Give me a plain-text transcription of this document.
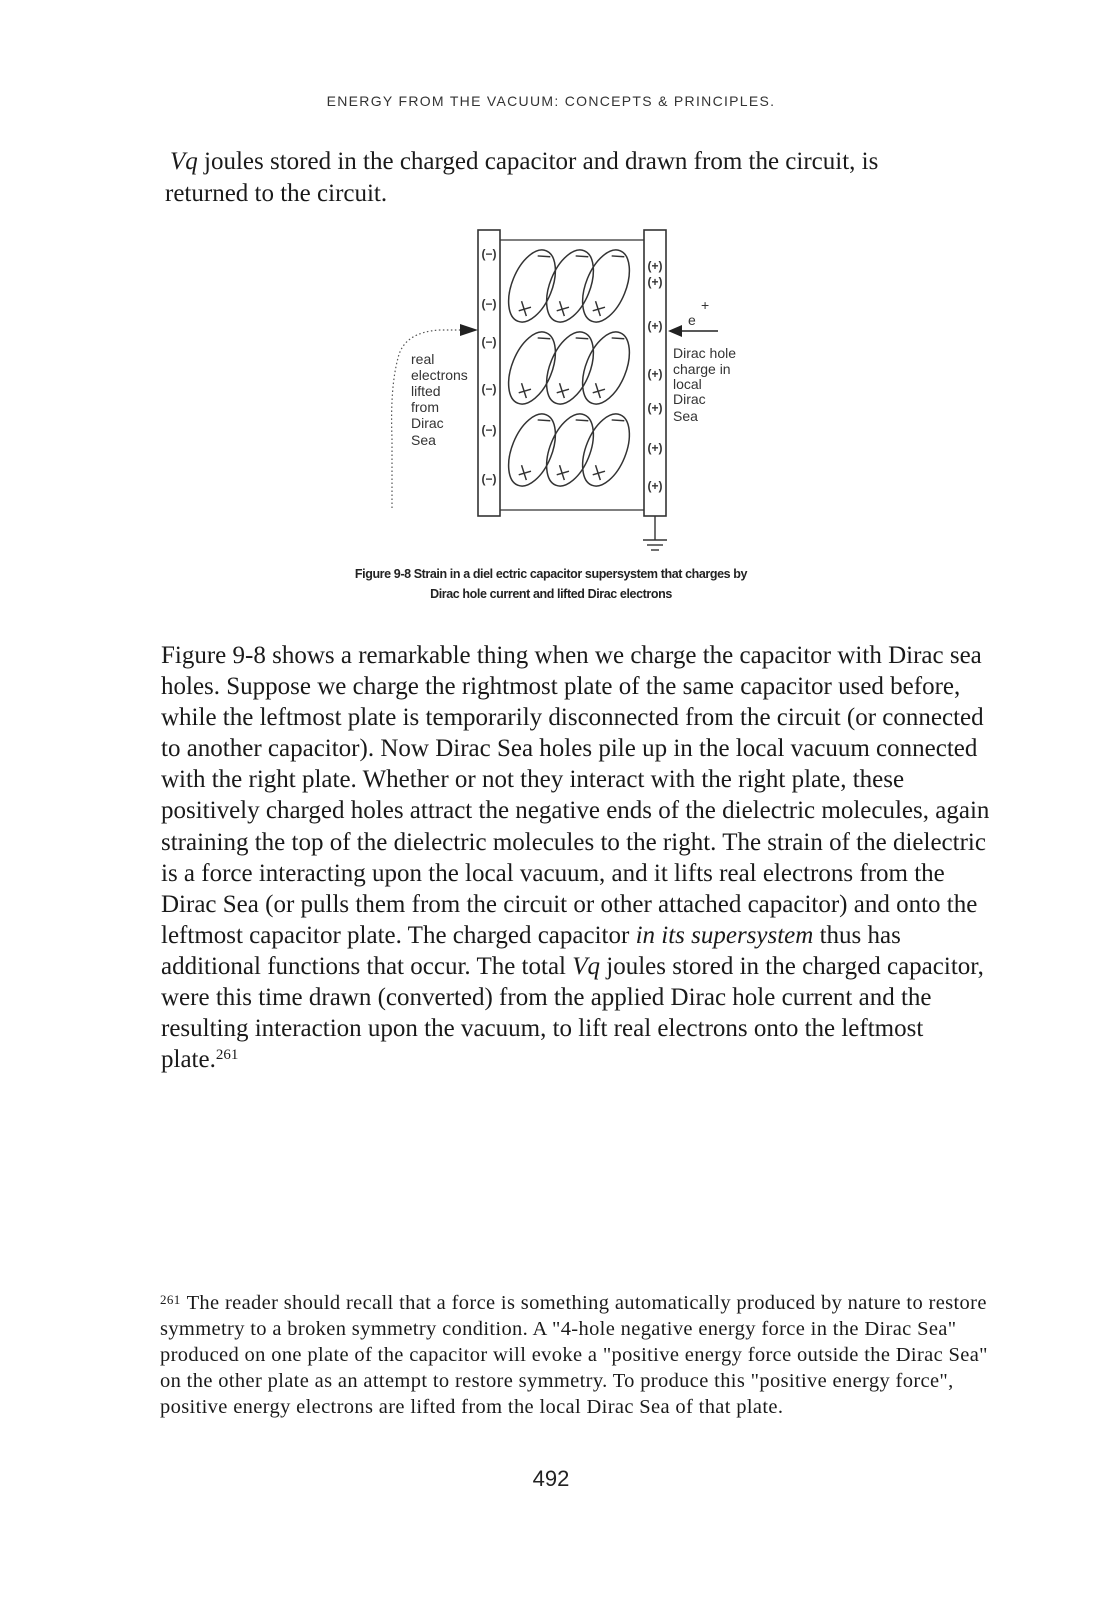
ENERGY FROM THE VACUUM: CONCEPTS & PRINCIPLES.

Vq joules stored in the charged capacitor and drawn from the circuit, is
returned to the circuit.

(−)
(−)
(−)
(−)
(−)
(−)
(+)
(+)
(+)
(+)
(+)
(+)
(+)
real
electrons
lifted
from
Dirac
Sea
e
+
Dirac hole
charge in
local
Dirac
Sea
Figure 9-8 Strain in a diel ectric capacitor supersystem that charges by
Dirac hole current and lifted Dirac electrons

Figure 9-8 shows a remarkable thing when we charge the capacitor with Dirac sea holes. Suppose we charge the rightmost plate of the same capacitor used before, while the leftmost plate is temporarily disconnected from the circuit (or connected to another capacitor). Now Dirac Sea holes pile up in the local vacuum connected with the right plate. Whether or not they interact with the right plate, these positively charged holes attract the negative ends of the dielectric molecules, again straining the top of the dielectric molecules to the right. The strain of the dielectric is a force interacting upon the local vacuum, and it lifts real electrons from the Dirac Sea (or pulls them from the circuit or other attached capacitor) and onto the leftmost capacitor plate. The charged capacitor in its supersystem thus has additional functions that occur. The total Vq joules stored in the charged capacitor, were this time drawn (converted) from the applied Dirac hole current and the resulting interaction upon the vacuum, to lift real electrons onto the leftmost plate.$^{261}$

$^{261}$ The reader should recall that a force is something automatically produced by nature to restore symmetry to a broken symmetry condition. A "4-hole negative energy force in the Dirac Sea" produced on one plate of the capacitor will evoke a "positive energy force outside the Dirac Sea" on the other plate as an attempt to restore symmetry. To produce this "positive energy force", positive energy electrons are lifted from the local Dirac Sea of that plate.

492
